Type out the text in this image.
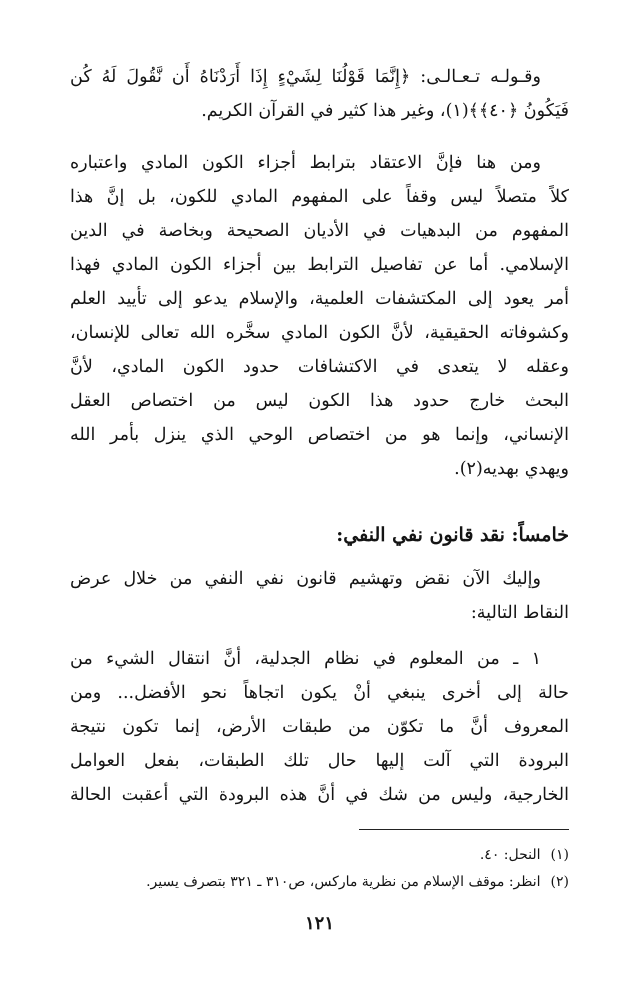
وقـولـه تـعـالـى: ﴿إِنَّمَا قَوْلُنَا لِشَيْءٍ إِذَا أَرَدْنَاهُ أَن نَّقُولَ لَهُ كُن
فَيَكُونُ ﴿٤٠﴾﴾(١)، وغير هذا كثير في القرآن الكريم.
ومن هنا فإنَّ الاعتقاد بترابط أجزاء الكون المادي واعتباره
كلاً متصلاً ليس وقفاً على المفهوم المادي للكون، بل إنَّ هذا
المفهوم من البدهيات في الأديان الصحيحة وبخاصة في الدين
الإسلامي. أما عن تفاصيل الترابط بين أجزاء الكون المادي فهذا
أمر يعود إلى المكتشفات العلمية، والإسلام يدعو إلى تأييد العلم
وكشوفاته الحقيقية، لأنَّ الكون المادي سخَّره الله تعالى للإنسان،
وعقله لا يتعدى في الاكتشافات حدود الكون المادي، لأنَّ
البحث خارج حدود هذا الكون ليس من اختصاص العقل
الإنساني، وإنما هو من اختصاص الوحي الذي ينزل بأمر الله
ويهدي بهديه(٢).
خامساً: نقد قانون نفي النفي:
وإليك الآن نقض وتهشيم قانون نفي النفي من خلال عرض
النقاط التالية:
١ ـ من المعلوم في نظام الجدلية، أنَّ انتقال الشيء من
حالة إلى أخرى ينبغي أنْ يكون اتجاهاً نحو الأفضل... ومن
المعروف أنَّ ما تكوّن من طبقات الأرض، إنما تكون نتيجة
البرودة التي آلت إليها حال تلك الطبقات، بفعل العوامل
الخارجية، وليس من شك في أنَّ هذه البرودة التي أعقبت الحالة
(١)
النحل: ٤٠.
(٢)
انظر: موقف الإسلام من نظرية ماركس، ص٣١٠ ـ ٣٢١ بتصرف يسير.
١٢١
